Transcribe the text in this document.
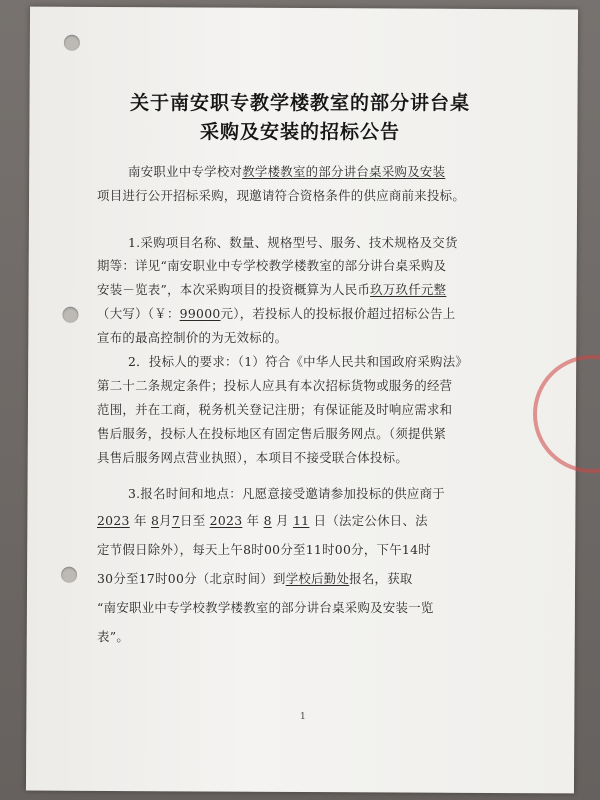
关于南安职专教学楼教室的部分讲台桌
采购及安装的招标公告
南安职业中专学校对教学楼教室的部分讲台桌采购及安装
项目进行公开招标采购，现邀请符合资格条件的供应商前来投标。
1.采购项目名称、数量、规格型号、服务、技术规格及交货
期等：详见“南安职业中专学校教学楼教室的部分讲台桌采购及
安装－览表”，本次采购项目的投资概算为人民币玖万玖仟元整
（大写）（￥：99000元），若投标人的投标报价超过招标公告上
宣布的最高控制价的为无效标的。
2．投标人的要求：（1）符合《中华人民共和国政府采购法》
第二十二条规定条件；投标人应具有本次招标货物或服务的经营
范围，并在工商，税务机关登记注册；有保证能及时响应需求和
售后服务，投标人在投标地区有固定售后服务网点。（须提供紧
具售后服务网点营业执照），本项目不接受联合体投标。
3.报名时间和地点：凡愿意接受邀请参加投标的供应商于
2023 年 8月7日至 2023 年 8 月 11 日（法定公休日、法
定节假日除外），每天上午8时00分至11时00分，下午14时
30分至17时00分（北京时间）到学校后勤处报名，获取
“南安职业中专学校教学楼教室的部分讲台桌采购及安装一览
表”。
1
